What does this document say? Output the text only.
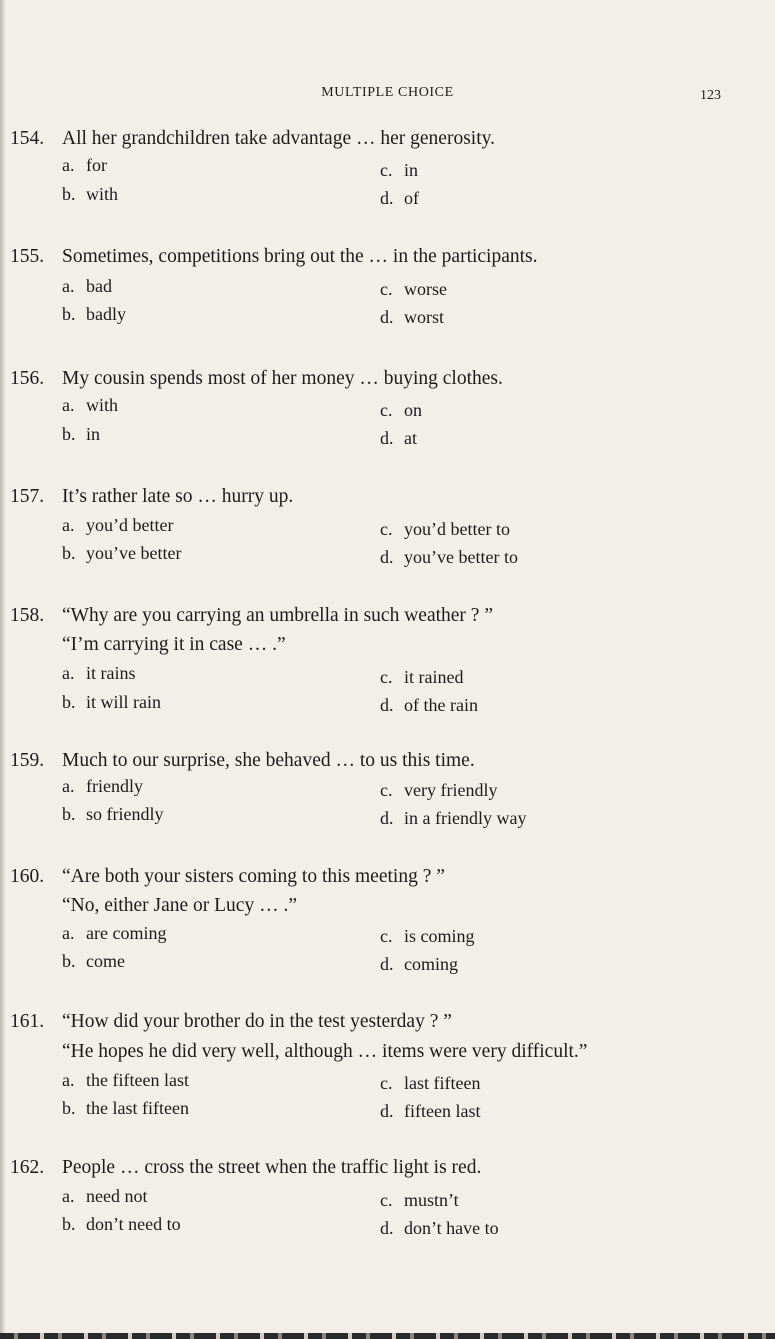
MULTIPLE CHOICE	123
154. All her grandchildren take advantage … her generosity.
a. for
b. with
c. in
d. of
155. Sometimes, competitions bring out the … in the participants.
a. bad
b. badly
c. worse
d. worst
156. My cousin spends most of her money … buying clothes.
a. with
b. in
c. on
d. at
157. It’s rather late so … hurry up.
a. you’d better
b. you’ve better
c. you’d better to
d. you’ve better to
158. “Why are you carrying an umbrella in such weather ? ”
“I’m carrying it in case … .”
a. it rains
b. it will rain
c. it rained
d. of the rain
159. Much to our surprise, she behaved … to us this time.
a. friendly
b. so friendly
c. very friendly
d. in a friendly way
160. “Are both your sisters coming to this meeting ? ”
“No, either Jane or Lucy … .”
a. are coming
b. come
c. is coming
d. coming
161. “How did your brother do in the test yesterday ? ”
“He hopes he did very well, although … items were very difficult.”
a. the fifteen last
b. the last fifteen
c. last fifteen
d. fifteen last
162. People … cross the street when the traffic light is red.
a. need not
b. don’t need to
c. mustn’t
d. don’t have to
